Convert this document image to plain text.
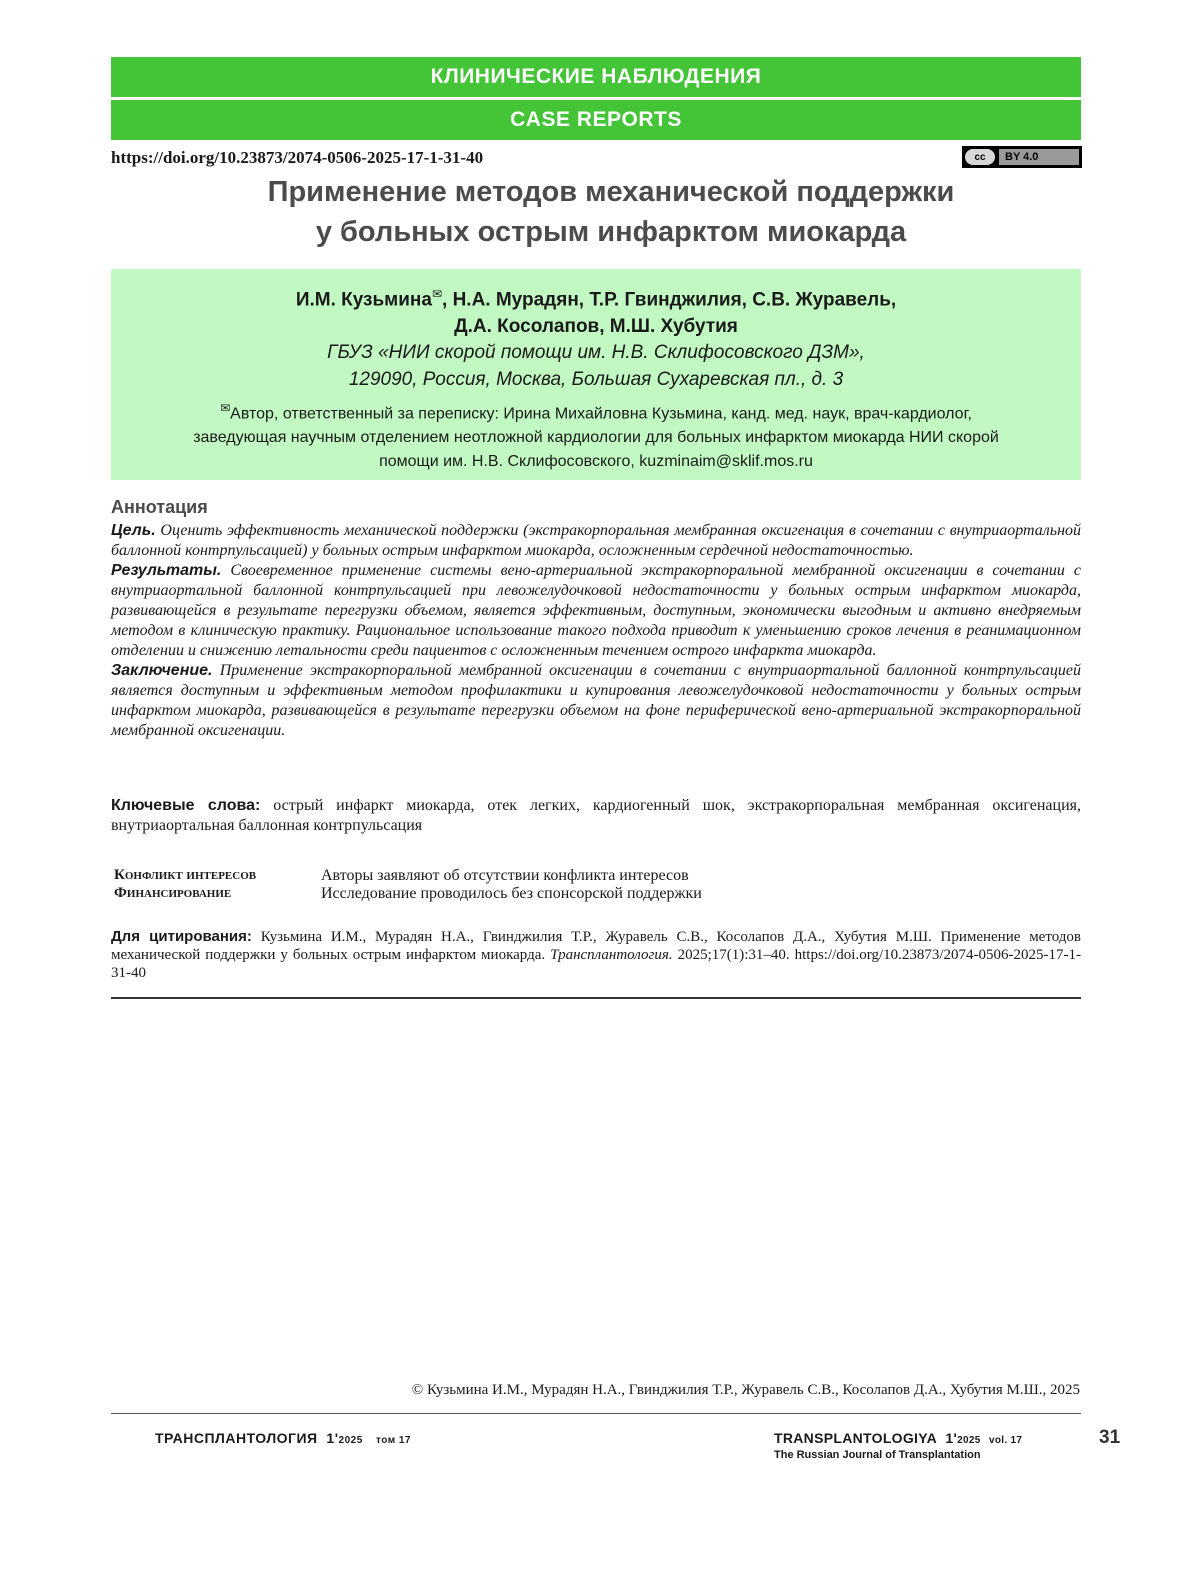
КЛИНИЧЕСКИЕ НАБЛЮДЕНИЯ
CASE REPORTS
https://doi.org/10.23873/2074-0506-2025-17-1-31-40	cc	BY 4.0
Применение методов механической поддержки
у больных острым инфарктом миокарда
И.М. Кузьмина✉, Н.А. Мурадян, Т.Р. Гвинджилия, С.В. Журавель,
Д.А. Косолапов, М.Ш. Хубутия
ГБУЗ «НИИ скорой помощи им. Н.В. Склифосовского ДЗМ»,
129090, Россия, Москва, Большая Сухаревская пл., д. 3
✉Автор, ответственный за переписку: Ирина Михайловна Кузьмина, канд. мед. наук, врач-кардиолог,
заведующая научным отделением неотложной кардиологии для больных инфарктом миокарда НИИ скорой
помощи им. Н.В. Склифосовского, kuzminaim@sklif.mos.ru
Аннотация

Цель. Оценить эффективность механической поддержки (экстракорпоральная мембранная оксигенация в сочетании с внутриаортальной баллонной контрпульсацией) у больных острым инфарктом миокарда, осложненным сердечной недостаточностью.

Результаты. Своевременное применение системы вено-артериальной экстракорпоральной мембранной оксигенации в сочетании с внутриаортальной баллонной контрпульсацией при левожелудочковой недостаточности у больных острым инфарктом миокарда, развивающейся в результате перегрузки объемом, является эффективным, доступным, экономически выгодным и активно внедряемым методом в клиническую практику. Рациональное использование такого подхода приводит к уменьшению сроков лечения в реанимационном отделении и снижению летальности среди пациентов с осложненным течением острого инфаркта миокарда.

Заключение. Применение экстракорпоральной мембранной оксигенации в сочетании с внутриаортальной баллонной контрпульсацией является доступным и эффективным методом профилактики и купирования левожелудочковой недостаточности у больных острым инфарктом миокарда, развивающейся в результате перегрузки объемом на фоне периферической вено-артериальной экстракорпоральной мембранной оксигенации.

Ключевые слова: острый инфаркт миокарда, отек легких, кардиогенный шок, экстракорпоральная мембранная оксигенация, внутриаортальная баллонная контрпульсация
Конфликт интересов	Авторы заявляют об отсутствии конфликта интересов
Финансирование	Исследование проводилось без спонсорской поддержки
Для цитирования: Кузьмина И.М., Мурадян Н.А., Гвинджилия Т.Р., Журавель С.В., Косолапов Д.А., Хубутия М.Ш. Применение методов механической поддержки у больных острым инфарктом миокарда. Трансплантология. 2025;17(1):31–40. https://doi.org/10.23873/2074-0506-2025-17-1-31-40
© Кузьмина И.М., Мурадян Н.А., Гвинджилия Т.Р., Журавель С.В., Косолапов Д.А., Хубутия М.Ш., 2025
ТРАНСПЛАНТОЛОГИЯ 1'2025 том 17	TRANSPLANTOLOGIYA 1'2025 vol. 17
The Russian Journal of Transplantation
31
